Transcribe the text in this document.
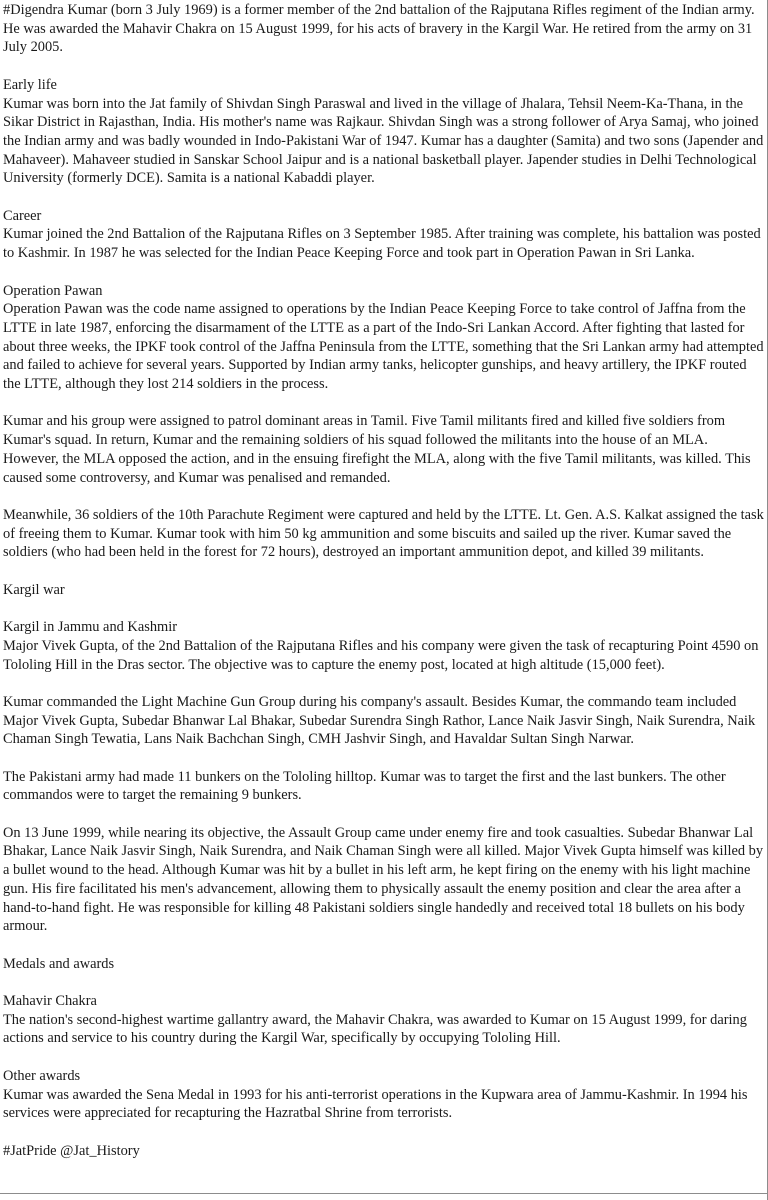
#Digendra Kumar (born 3 July 1969) is a former member of the 2nd battalion of the Rajputana Rifles regiment of the Indian army. He was awarded the Mahavir Chakra on 15 August 1999, for his acts of bravery in the Kargil War. He retired from the army on 31 July 2005.

Early life

Kumar was born into the Jat family of Shivdan Singh Paraswal and lived in the village of Jhalara, Tehsil Neem-Ka-Thana, in the Sikar District in Rajasthan, India. His mother's name was Rajkaur. Shivdan Singh was a strong follower of Arya Samaj, who joined the Indian army and was badly wounded in Indo-Pakistani War of 1947. Kumar has a daughter (Samita) and two sons (Japender and Mahaveer). Mahaveer studied in Sanskar School Jaipur and is a national basketball player. Japender studies in Delhi Technological University (formerly DCE). Samita is a national Kabaddi player.

Career

Kumar joined the 2nd Battalion of the Rajputana Rifles on 3 September 1985. After training was complete, his battalion was posted to Kashmir. In 1987 he was selected for the Indian Peace Keeping Force and took part in Operation Pawan in Sri Lanka.

Operation Pawan

Operation Pawan was the code name assigned to operations by the Indian Peace Keeping Force to take control of Jaffna from the LTTE in late 1987, enforcing the disarmament of the LTTE as a part of the Indo-Sri Lankan Accord. After fighting that lasted for about three weeks, the IPKF took control of the Jaffna Peninsula from the LTTE, something that the Sri Lankan army had attempted and failed to achieve for several years. Supported by Indian army tanks, helicopter gunships, and heavy artillery, the IPKF routed the LTTE, although they lost 214 soldiers in the process.

Kumar and his group were assigned to patrol dominant areas in Tamil. Five Tamil militants fired and killed five soldiers from Kumar's squad. In return, Kumar and the remaining soldiers of his squad followed the militants into the house of an MLA. However, the MLA opposed the action, and in the ensuing firefight the MLA, along with the five Tamil militants, was killed. This caused some controversy, and Kumar was penalised and remanded.

Meanwhile, 36 soldiers of the 10th Parachute Regiment were captured and held by the LTTE. Lt. Gen. A.S. Kalkat assigned the task of freeing them to Kumar. Kumar took with him 50 kg ammunition and some biscuits and sailed up the river. Kumar saved the soldiers (who had been held in the forest for 72 hours), destroyed an important ammunition depot, and killed 39 militants.

Kargil war

Kargil in Jammu and Kashmir

Major Vivek Gupta, of the 2nd Battalion of the Rajputana Rifles and his company were given the task of recapturing Point 4590 on Tololing Hill in the Dras sector. The objective was to capture the enemy post, located at high altitude (15,000 feet).

Kumar commanded the Light Machine Gun Group during his company's assault. Besides Kumar, the commando team included Major Vivek Gupta, Subedar Bhanwar Lal Bhakar, Subedar Surendra Singh Rathor, Lance Naik Jasvir Singh, Naik Surendra, Naik Chaman Singh Tewatia, Lans Naik Bachchan Singh, CMH Jashvir Singh, and Havaldar Sultan Singh Narwar.

The Pakistani army had made 11 bunkers on the Tololing hilltop. Kumar was to target the first and the last bunkers. The other commandos were to target the remaining 9 bunkers.

On 13 June 1999, while nearing its objective, the Assault Group came under enemy fire and took casualties. Subedar Bhanwar Lal Bhakar, Lance Naik Jasvir Singh, Naik Surendra, and Naik Chaman Singh were all killed. Major Vivek Gupta himself was killed by a bullet wound to the head. Although Kumar was hit by a bullet in his left arm, he kept firing on the enemy with his light machine gun. His fire facilitated his men's advancement, allowing them to physically assault the enemy position and clear the area after a hand-to-hand fight. He was responsible for killing 48 Pakistani soldiers single handedly and received total 18 bullets on his body armour.

Medals and awards

Mahavir Chakra

The nation's second-highest wartime gallantry award, the Mahavir Chakra, was awarded to Kumar on 15 August 1999, for daring actions and service to his country during the Kargil War, specifically by occupying Tololing Hill.

Other awards

Kumar was awarded the Sena Medal in 1993 for his anti-terrorist operations in the Kupwara area of Jammu-Kashmir. In 1994 his services were appreciated for recapturing the Hazratbal Shrine from terrorists.

#JatPride @Jat_History
